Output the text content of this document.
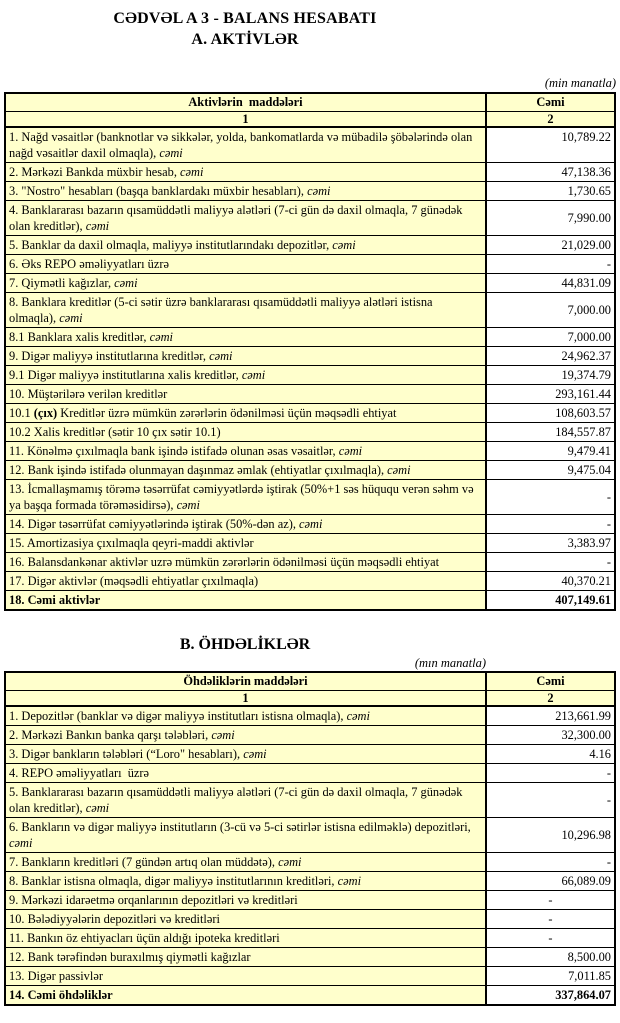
CƏDVƏL A 3 - BALANS HESABATI
A. AKTİVLƏR
(min manatla)
Aktivlərin  maddələri	Cəmi
1	2
1. Nağd vəsaitlər (banknotlar və sikkələr, yolda, bankomatlarda və mübadilə şöbələrində olan nağd vəsaitlər daxil olmaqla), cəmi	10,789.22
2. Mərkəzi Bankda müxbir hesab, cəmi	47,138.36
3. "Nostro" hesabları (başqa banklardakı müxbir hesabları), cəmi	1,730.65
4. Banklararası bazarın qısamüddətli maliyyə alətləri (7-ci gün də daxil olmaqla, 7 günədək olan kreditlər), cəmi	7,990.00
5. Banklar da daxil olmaqla, maliyyə institutlarındakı depozitlər, cəmi	21,029.00
6. Əks REPO əməliyyatları üzrə	-
7. Qiymətli kağızlar, cəmi	44,831.09
8. Banklara kreditlər (5-ci sətir üzrə banklararası qısamüddətli maliyyə alətləri istisna olmaqla), cəmi	7,000.00
8.1 Banklara xalis kreditlər, cəmi	7,000.00
9. Digər maliyyə institutlarına kreditlər, cəmi	24,962.37
9.1 Digər maliyyə institutlarına xalis kreditlər, cəmi	19,374.79
10. Müştərilərə verilən kreditlər	293,161.44
10.1 (çıx) Kreditlər üzrə mümkün zərərlərin ödənilməsi üçün məqsədli ehtiyat	108,603.57
10.2 Xalis kreditlər (sətir 10 çıx sətir 10.1)	184,557.87
11. Könəlmə çıxılmaqla bank işində istifadə olunan əsas vəsaitlər, cəmi	9,479.41
12. Bank işində istifadə olunmayan daşınmaz əmlak (ehtiyatlar çıxılmaqla), cəmi	9,475.04
13. İcmallaşmamış törəmə təsərrüfat cəmiyyətlərdə iştirak (50%+1 səs hüququ verən səhm və ya başqa formada törəməsidirsə), cəmi	-
14. Digər təsərrüfat cəmiyyətlərində iştirak (50%-dən az), cəmi	-
15. Amortizasiya çıxılmaqla qeyri-maddi aktivlər	3,383.97
16. Balansdankənar aktivlər uzrə mümkün zərərlərin ödənilməsi üçün məqsədli ehtiyat	-
17. Digər aktivlər (məqsədli ehtiyatlar çıxılmaqla)	40,370.21
18. Cəmi aktivlər	407,149.61
B. ÖHDƏLİKLƏR
(mın manatla)
Öhdəliklərin maddələri	Cəmi
1	2
1. Depozitlər (banklar və digər maliyyə institutları istisna olmaqla), cəmi	213,661.99
2. Mərkəzi Bankın banka qarşı tələbləri, cəmi	32,300.00
3. Digər bankların tələbləri (“Loro" hesabları), cəmi	4.16
4. REPO əməliyyatları  üzrə	-
5. Banklararası bazarın qısamüddətli maliyyə alətləri (7-ci gün də daxil olmaqla, 7 günədək olan kreditlər), cəmi	-
6. Bankların və digər maliyyə institutların (3-cü və 5-ci sətirlər istisna edilməklə) depozitləri, cəmi	10,296.98
7. Bankların kreditləri (7 gündən artıq olan müddətə), cəmi	-
8. Banklar istisna olmaqla, digər maliyyə institutlarının kreditləri, cəmi	66,089.09
9. Mərkəzi idarəetmə orqanlarının depozitləri və kreditləri	-
10. Bələdiyyələrin depozitləri və kreditləri	-
11. Bankın öz ehtiyacları üçün aldığı ipoteka kreditləri	-
12. Bank tərəfindən buraxılmış qiymətli kağızlar	8,500.00
13. Digər passivlər	7,011.85
14. Cəmi öhdəliklər	337,864.07
